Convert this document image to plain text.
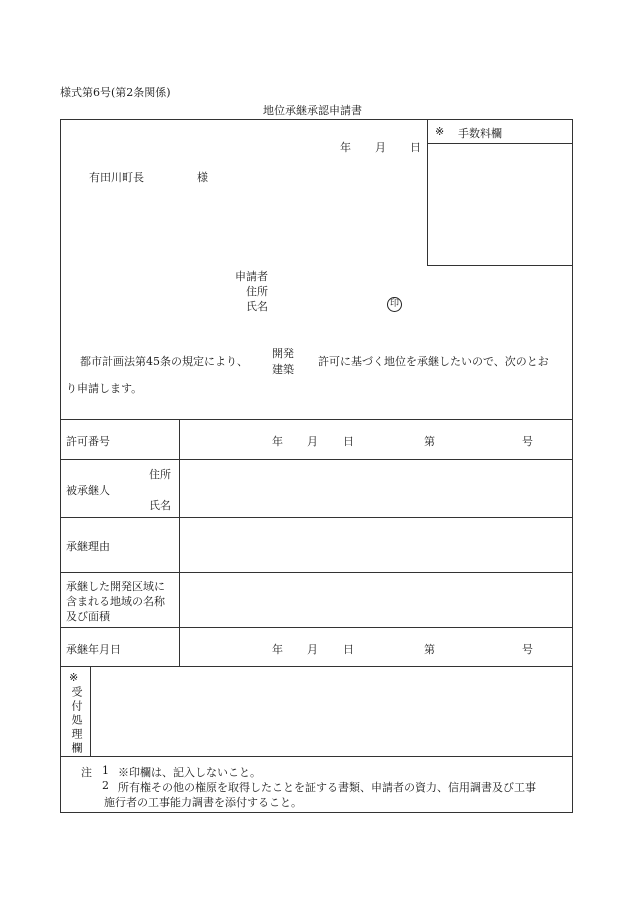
様式第6号(第2条関係)
地位承継承認申請書
※ 手数料欄
年 月 日
有田川町長	様
申請者
住所
氏名	印
都市計画法第45条の規定により、
開発
建築
許可に基づく地位を承継したいので、次のとお
り申請します。
許可番号	年 月 日	第	号
住所
被承継人
氏名
承継理由
承継した開発区域に
含まれる地域の名称
及び面積
承継年月日	年 月 日	第	号
※
受付処理欄
注 1 ※印欄は、記入しないこと。
2 所有権その他の権原を取得したことを証する書類、申請者の資力、信用調書及び工事
施行者の工事能力調書を添付すること。
